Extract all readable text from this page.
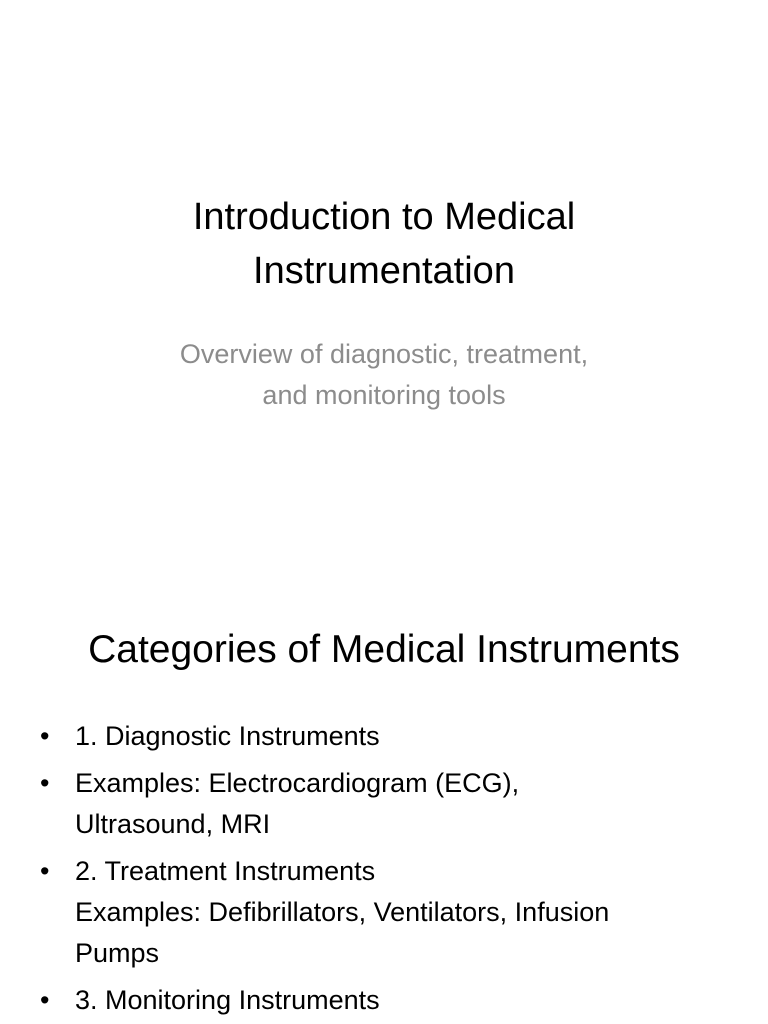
Introduction to Medical
Instrumentation
Overview of diagnostic, treatment,
and monitoring tools
Categories of Medical Instruments
• 1. Diagnostic Instruments
• Examples: Electrocardiogram (ECG),
Ultrasound, MRI
• 2. Treatment Instruments
Examples: Defibrillators, Ventilators, Infusion
Pumps
• 3. Monitoring Instruments
